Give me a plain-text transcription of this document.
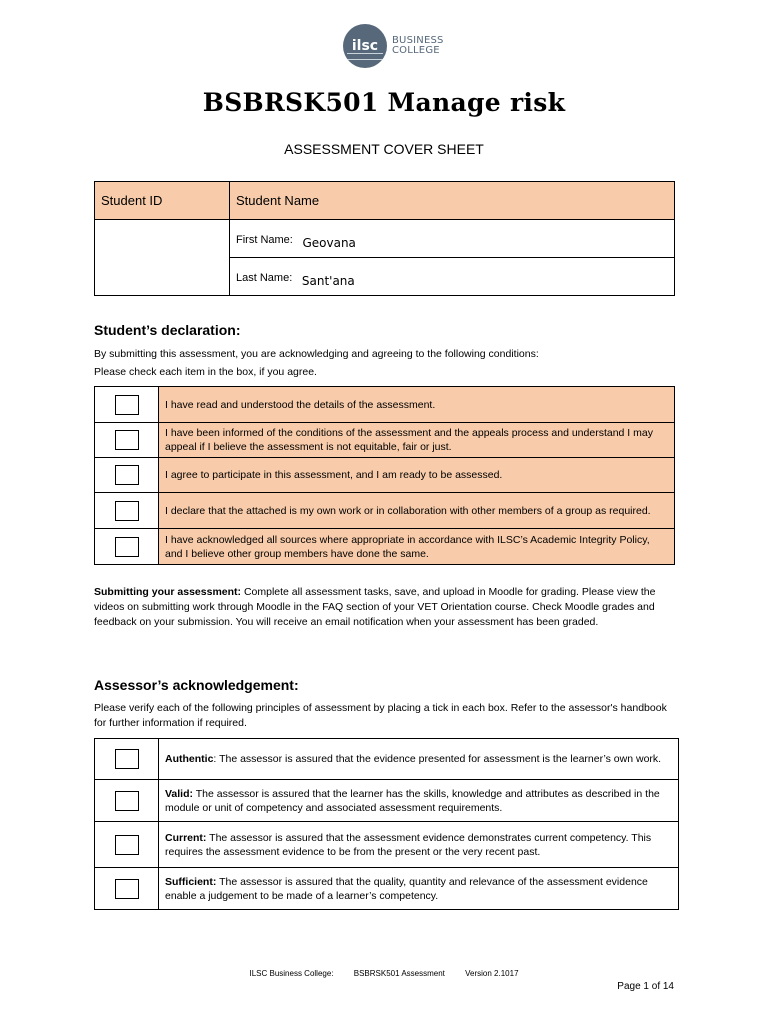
ilsc	BUSINESS
COLLEGE
BSBRSK501 Manage risk
ASSESSMENT COVER SHEET
Student ID	Student Name
	First Name: Geovana
	Last Name: Sant'ana
Student’s declaration:
By submitting this assessment, you are acknowledging and agreeing to the following conditions:
Please check each item in the box, if you agree.
	I have read and understood the details of the assessment.

	I have been informed of the conditions of the assessment and the appeals process and understand I may appeal if I believe the assessment is not equitable, fair or just.

	I agree to participate in this assessment, and I am ready to be assessed.

	I declare that the attached is my own work or in collaboration with other members of a group as required.

	I have acknowledged all sources where appropriate in accordance with ILSC’s Academic Integrity Policy, and I believe other group members have done the same.
Submitting your assessment: Complete all assessment tasks, save, and upload in Moodle for grading. Please view the videos on submitting work through Moodle in the FAQ section of your VET Orientation course. Check Moodle grades and feedback on your submission. You will receive an email notification when your assessment has been graded.
Assessor’s acknowledgement:
Please verify each of the following principles of assessment by placing a tick in each box. Refer to the assessor's handbook for further information if required.
	Authentic: The assessor is assured that the evidence presented for assessment is the learner’s own work.

	Valid: The assessor is assured that the learner has the skills, knowledge and attributes as described in the module or unit of competency and associated assessment requirements.

	Current: The assessor is assured that the assessment evidence demonstrates current competency. This requires the assessment evidence to be from the present or the very recent past.

	Sufficient: The assessor is assured that the quality, quantity and relevance of the assessment evidence enable a judgement to be made of a learner’s competency.
ILSC Business College:	BSBRSK501 Assessment	Version 2.1017
Page 1 of 14
